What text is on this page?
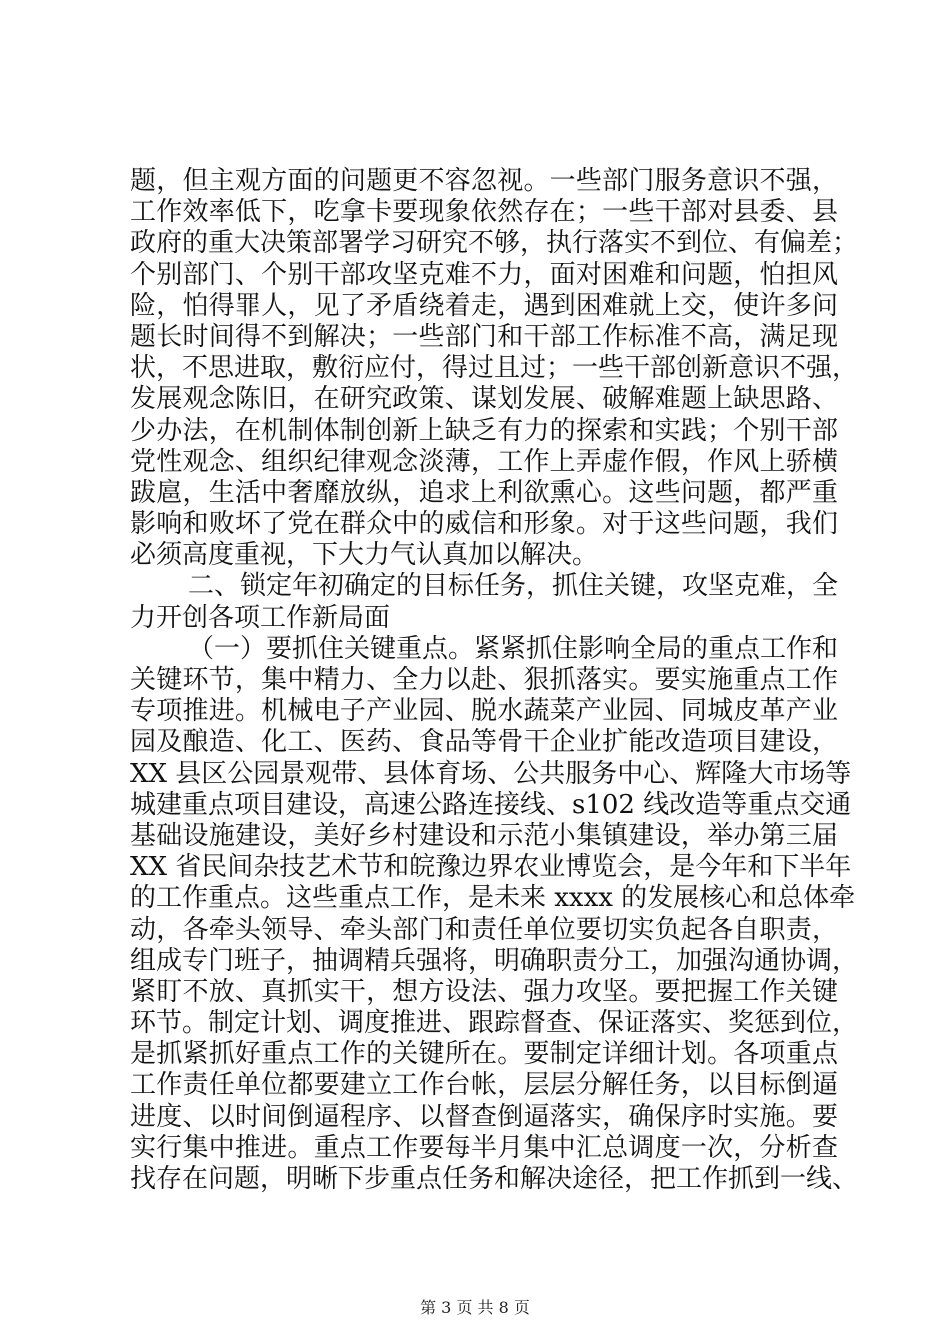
题，但主观方面的问题更不容忽视。一些部门服务意识不强，
工作效率低下，吃拿卡要现象依然存在；一些干部对县委、县
政府的重大决策部署学习研究不够，执行落实不到位、有偏差；
个别部门、个别干部攻坚克难不力，面对困难和问题，怕担风
险，怕得罪人，见了矛盾绕着走，遇到困难就上交，使许多问
题长时间得不到解决；一些部门和干部工作标准不高，满足现
状，不思进取，敷衍应付，得过且过；一些干部创新意识不强，
发展观念陈旧，在研究政策、谋划发展、破解难题上缺思路、
少办法，在机制体制创新上缺乏有力的探索和实践；个别干部
党性观念、组织纪律观念淡薄，工作上弄虚作假，作风上骄横
跋扈，生活中奢靡放纵，追求上利欲熏心。这些问题，都严重
影响和败坏了党在群众中的威信和形象。对于这些问题，我们
必须高度重视，下大力气认真加以解决。
二、锁定年初确定的目标任务，抓住关键，攻坚克难，全
力开创各项工作新局面
（一）要抓住关键重点。紧紧抓住影响全局的重点工作和
关键环节，集中精力、全力以赴、狠抓落实。要实施重点工作
专项推进。机械电子产业园、脱水蔬菜产业园、同城皮革产业
园及酿造、化工、医药、食品等骨干企业扩能改造项目建设，
XX 县区公园景观带、县体育场、公共服务中心、辉隆大市场等
城建重点项目建设，高速公路连接线、s102 线改造等重点交通
基础设施建设，美好乡村建设和示范小集镇建设，举办第三届
XX 省民间杂技艺术节和皖豫边界农业博览会，是今年和下半年
的工作重点。这些重点工作，是未来 xxxx 的发展核心和总体牵
动，各牵头领导、牵头部门和责任单位要切实负起各自职责，
组成专门班子，抽调精兵强将，明确职责分工，加强沟通协调，
紧盯不放、真抓实干，想方设法、强力攻坚。要把握工作关键
环节。制定计划、调度推进、跟踪督查、保证落实、奖惩到位，
是抓紧抓好重点工作的关键所在。要制定详细计划。各项重点
工作责任单位都要建立工作台帐，层层分解任务，以目标倒逼
进度、以时间倒逼程序、以督查倒逼落实，确保序时实施。要
实行集中推进。重点工作要每半月集中汇总调度一次，分析查
找存在问题，明晰下步重点任务和解决途径，把工作抓到一线、
第 3 页 共 8 页
